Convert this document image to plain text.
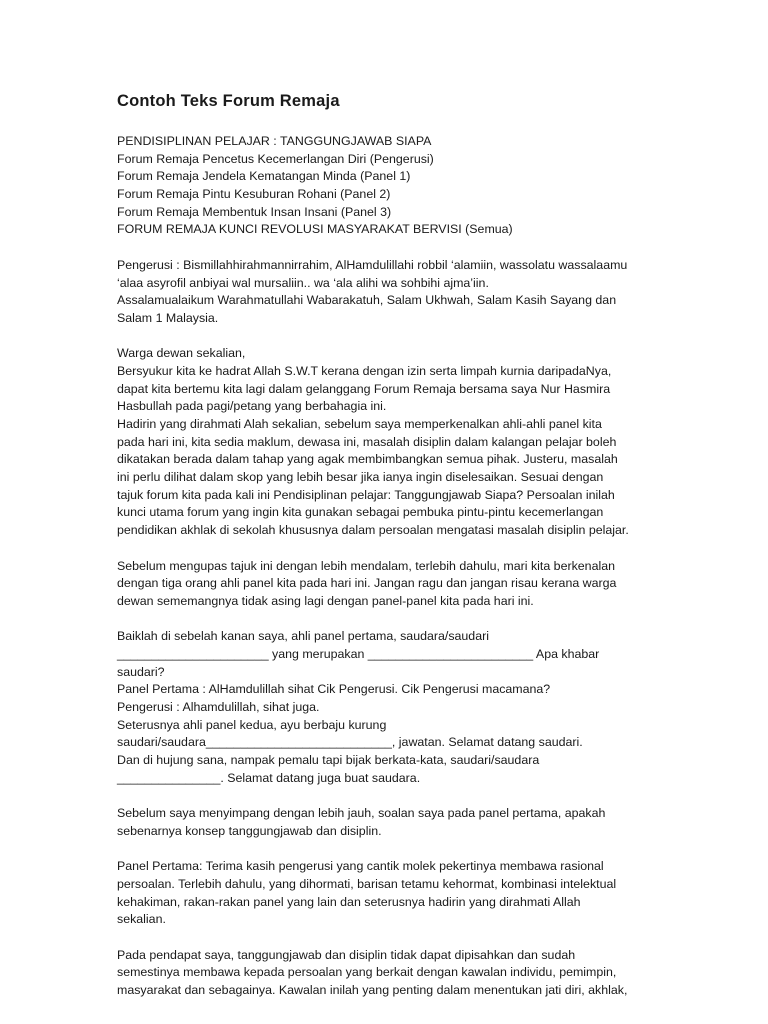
Contoh Teks Forum Remaja
PENDISIPLINAN PELAJAR : TANGGUNGJAWAB SIAPA
Forum Remaja Pencetus Kecemerlangan Diri (Pengerusi)
Forum Remaja Jendela Kematangan Minda (Panel 1)
Forum Remaja Pintu Kesuburan Rohani (Panel 2)
Forum Remaja Membentuk Insan Insani (Panel 3)
FORUM REMAJA KUNCI REVOLUSI MASYARAKAT BERVISI (Semua)
Pengerusi : Bismillahhirahmannirrahim, AlHamdulillahi robbil ‘alamiin, wassolatu wassalaamu
‘alaa asyrofil anbiyai wal mursaliin.. wa ‘ala alihi wa sohbihi ajma’iin.
Assalamualaikum Warahmatullahi Wabarakatuh, Salam Ukhwah, Salam Kasih Sayang dan
Salam 1 Malaysia.
Warga dewan sekalian,
Bersyukur kita ke hadrat Allah S.W.T kerana dengan izin serta limpah kurnia daripadaNya,
dapat kita bertemu kita lagi dalam gelanggang Forum Remaja bersama saya Nur Hasmira
Hasbullah pada pagi/petang yang berbahagia ini.
Hadirin yang dirahmati Alah sekalian, sebelum saya memperkenalkan ahli-ahli panel kita
pada hari ini, kita sedia maklum, dewasa ini, masalah disiplin dalam kalangan pelajar boleh
dikatakan berada dalam tahap yang agak membimbangkan semua pihak. Justeru, masalah
ini perlu dilihat dalam skop yang lebih besar jika ianya ingin diselesaikan. Sesuai dengan
tajuk forum kita pada kali ini Pendisiplinan pelajar: Tanggungjawab Siapa? Persoalan inilah
kunci utama forum yang ingin kita gunakan sebagai pembuka pintu-pintu kecemerlangan
pendidikan akhlak di sekolah khususnya dalam persoalan mengatasi masalah disiplin pelajar.
Sebelum mengupas tajuk ini dengan lebih mendalam, terlebih dahulu, mari kita berkenalan
dengan tiga orang ahli panel kita pada hari ini. Jangan ragu dan jangan risau kerana warga
dewan sememangnya tidak asing lagi dengan panel-panel kita pada hari ini.
Baiklah di sebelah kanan saya, ahli panel pertama, saudara/saudari
______________________ yang merupakan ________________________ Apa khabar
saudari?
Panel Pertama : AlHamdulillah sihat Cik Pengerusi. Cik Pengerusi macamana?
Pengerusi : Alhamdulillah, sihat juga.
Seterusnya ahli panel kedua, ayu berbaju kurung
saudari/saudara___________________________, jawatan. Selamat datang saudari.
Dan di hujung sana, nampak pemalu tapi bijak berkata-kata, saudari/saudara
_______________. Selamat datang juga buat saudara.
Sebelum saya menyimpang dengan lebih jauh, soalan saya pada panel pertama, apakah
sebenarnya konsep tanggungjawab dan disiplin.
Panel Pertama: Terima kasih pengerusi yang cantik molek pekertinya membawa rasional
persoalan. Terlebih dahulu, yang dihormati, barisan tetamu kehormat, kombinasi intelektual
kehakiman, rakan-rakan panel yang lain dan seterusnya hadirin yang dirahmati Allah
sekalian.
Pada pendapat saya, tanggungjawab dan disiplin tidak dapat dipisahkan dan sudah
semestinya membawa kepada persoalan yang berkait dengan kawalan individu, pemimpin,
masyarakat dan sebagainya. Kawalan inilah yang penting dalam menentukan jati diri, akhlak,
